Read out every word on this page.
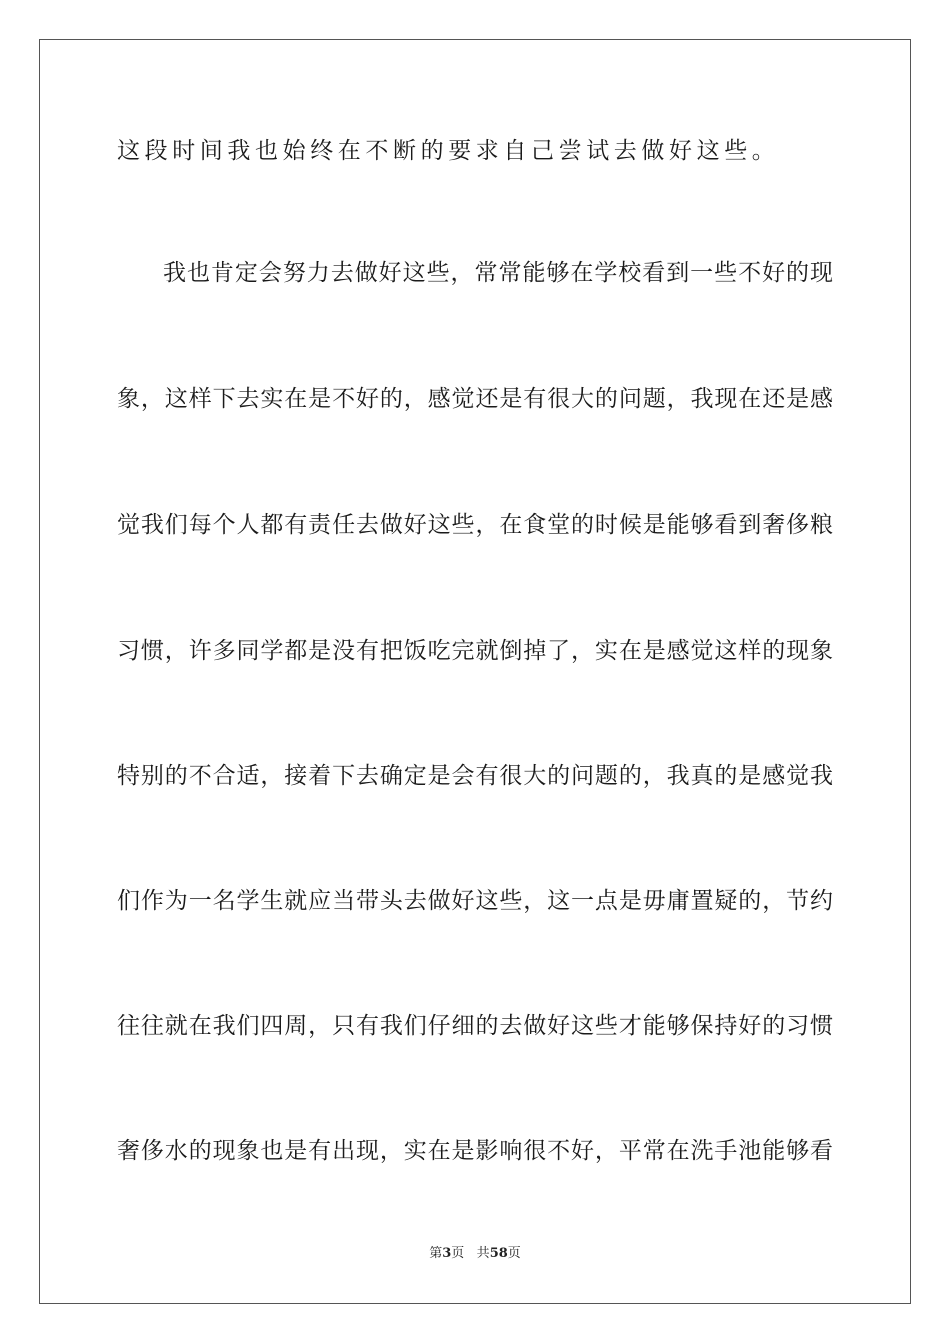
这段时间我也始终在不断的要求自己尝试去做好这些。
我也肯定会努力去做好这些，常常能够在学校看到一些不好的现
象，这样下去实在是不好的，感觉还是有很大的问题，我现在还是感
觉我们每个人都有责任去做好这些，在食堂的时候是能够看到奢侈粮
习惯，许多同学都是没有把饭吃完就倒掉了，实在是感觉这样的现象
特别的不合适，接着下去确定是会有很大的问题的，我真的是感觉我
们作为一名学生就应当带头去做好这些，这一点是毋庸置疑的，节约
往往就在我们四周，只有我们仔细的去做好这些才能够保持好的习惯
奢侈水的现象也是有出现，实在是影响很不好，平常在洗手池能够看
第3页 共58页
